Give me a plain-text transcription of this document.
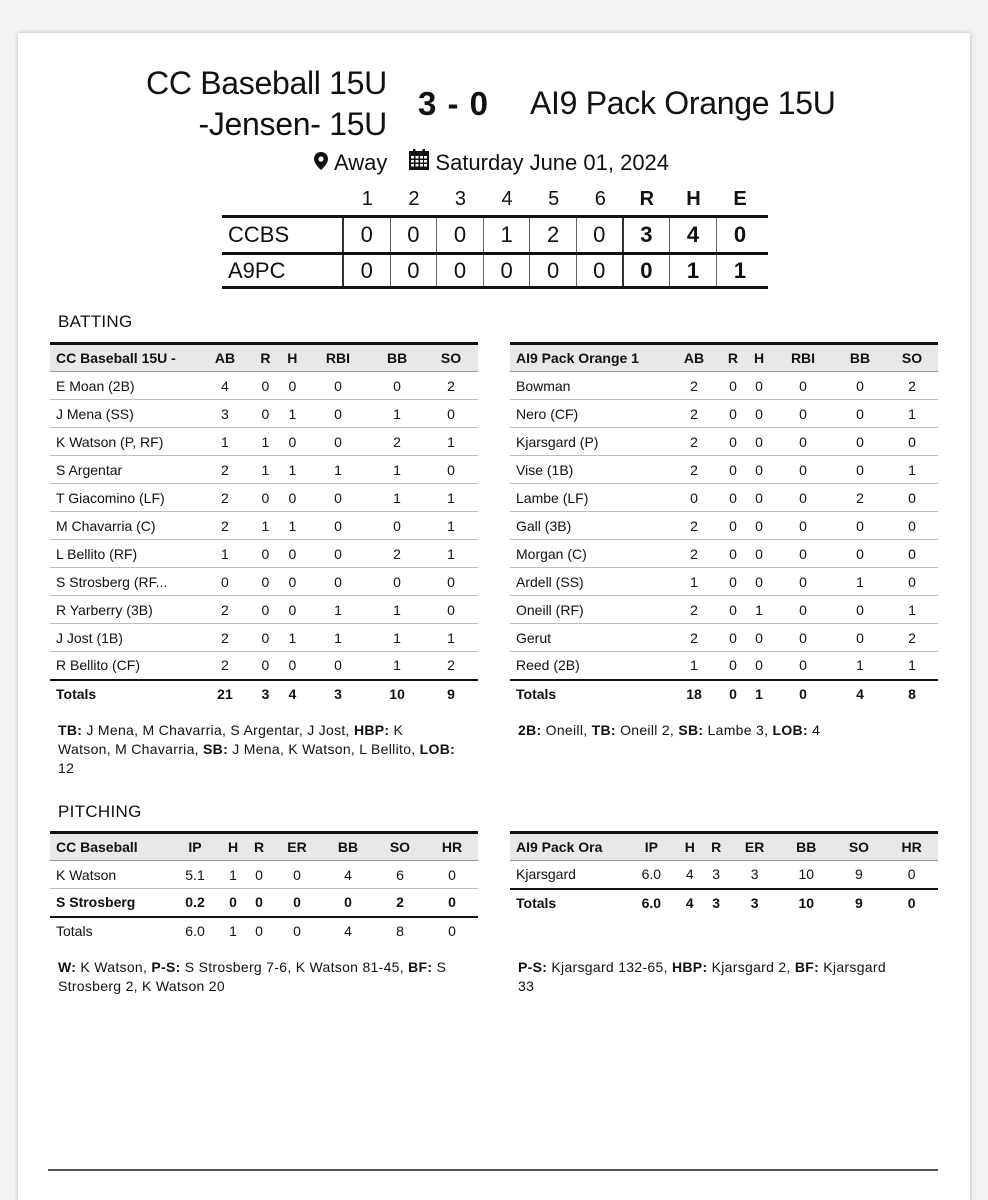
CC Baseball 15U
-Jensen- 15U
3 - 0 AI9 Pack Orange 15U
Away Saturday June 01, 2024
1	2	3	4	5	6	R	H	E
CCBS	0	0	0	1	2	0	3	4	0
A9PC	0	0	0	0	0	0	0	1	1
BATTING
CC Baseball 15U -	AB	R	H	RBI	BB	SO
E Moan (2B)	4	0	0	0	0	2
J Mena (SS)	3	0	1	0	1	0
K Watson (P, RF)	1	1	0	0	2	1
S Argentar	2	1	1	1	1	0
T Giacomino (LF)	2	0	0	0	1	1
M Chavarria (C)	2	1	1	0	0	1
L Bellito (RF)	1	0	0	0	2	1
S Strosberg (RF...	0	0	0	0	0	0
R Yarberry (3B)	2	0	0	1	1	0
J Jost (1B)	2	0	1	1	1	1
R Bellito (CF)	2	0	0	0	1	2
Totals	21	3	4	3	10	9
AI9 Pack Orange 1	AB	R	H	RBI	BB	SO
Bowman	2	0	0	0	0	2
Nero (CF)	2	0	0	0	0	1
Kjarsgard (P)	2	0	0	0	0	0
Vise (1B)	2	0	0	0	0	1
Lambe (LF)	0	0	0	0	2	0
Gall (3B)	2	0	0	0	0	0
Morgan (C)	2	0	0	0	0	0
Ardell (SS)	1	0	0	0	1	0
Oneill (RF)	2	0	1	0	0	1
Gerut	2	0	0	0	0	2
Reed (2B)	1	0	0	0	1	1
Totals	18	0	1	0	4	8
TB: J Mena, M Chavarria, S Argentar, J Jost, HBP: K Watson, M Chavarria, SB: J Mena, K Watson, L Bellito, LOB: 12
2B: Oneill, TB: Oneill 2, SB: Lambe 3, LOB: 4
PITCHING
CC Baseball	IP	H	R	ER	BB	SO	HR
K Watson	5.1	1	0	0	4	6	0
S Strosberg	0.2	0	0	0	0	2	0
Totals	6.0	1	0	0	4	8	0
AI9 Pack Ora	IP	H	R	ER	BB	SO	HR
Kjarsgard	6.0	4	3	3	10	9	0
Totals	6.0	4	3	3	10	9	0
W: K Watson, P-S: S Strosberg 7-6, K Watson 81-45, BF: S Strosberg 2, K Watson 20
P-S: Kjarsgard 132-65, HBP: Kjarsgard 2, BF: Kjarsgard 33
